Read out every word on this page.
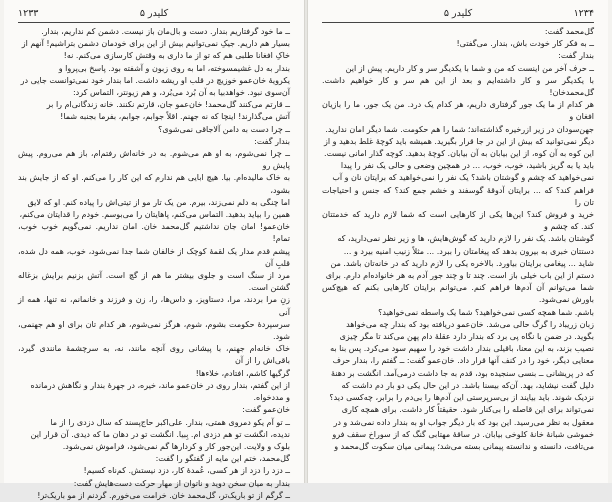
۱۲۳۳	کلیدر ۵

ــ ما خود گرفتاریم بندار. دست و بال‌مان باز نیست. دشمن کم نداریم، بندار.

بسیار هم داریم. جیکِ نمی‌توانیم بیش از این برای خودمان دشمن بتراشیم! آنهم از

خاکِ افغانا طلبی هم که تو از ما داری به وقتش کارسازی می‌کنم. نه!

بندار به دل غشیمسوخته، اما به روی زبون و آشفته بود. پاسخ بی‌پروا و

یکرویهٔ خان‌عمو خوزیچ در قلب او ریشه داشت. اما بندار خود نمی‌توانست جایی در

آن‌سوی نبود. خواهد‌بیا به آن بُرد می‌بُرد، و هم زیونتر، التماس کرد:

ــ قارتم ‌می‌کنند گل‌محمد! خان‌عمو جان، قارتم نکنند. خانه زندگانی‌ام را بر

آتش می‌گذارند! اینچا که نه جهنم. اقلاً جوابم، جوابم، بفرما بجنبه شما!

ــ چرا دست به دامن آلاجاقی نمی‌شوی؟

بندار گفت:

ــ چرا نمی‌شوم، به او هم می‌شوم. به در خانه‌اش رفتم‌ام، باز هم می‌روم. پیش پایش رو

به خاک مالیده‌ام. بیا. هیچ ابایی هم ندارم که این کار را می‌کنم. او که از جایش بند بشود،

اما چنگی به دلم نمی‌زند، بیرم. من یک تار مو از تیتی‌اش را پیاده کنم. او که لایق

همین را بیاید بدهید. التماس می‌کنم، پاهایتان را می‌بوسم. خودم را قدایتان می‌کنم،

خان‌عمو! امان جان نداشتیم گل‌محمد خان. امان نداریم. نمی‌گویم خوب خوب، تمام!

پیشم قدم مدار یک لقمهٔ کوچک از خالفان شما جدا نمی‌شود، خوب، همه دل شده، قلبِ آن

مرد از سنگ است و جلوی بیشتر ما هم از گچ است. آتش بزنیم برایش بزغاله گشتن است.

زنِ مرا بردند، مرا، دستاویز، و داس‌ها، را، زن و فرزند و خانمانم، نه تنها، همه از آنی

سرسپردهٔ حکومت بشوم، شوم، هرگز نمی‌شوم، هر کدام تان برای او هم جهنمی، شود.

خاک خانه‌ام جهنم، با پیشانی روی آنچه مانند، نه، به سرچشمهٔ مانندی گیرد، باقی‌اش را از آن

گرگیها کاشم، افتادم، خلاءها!

از این گفتم، بندار روی در خان‌عمو ماند، خیره، در جهرهٔ بندار و نگاهش درمانده

و مددخواه.

خان‌عمو گفت:

ــ تو آم یکو دمروی همتی، بندار. علی‌اکبر حاج‌پسند که سال دزدی را از ما

ندیده، انگشت تو هم دزدی ام. بِبیا. انگشت تو در دهان ما که دیدی. آن قرار این

بلوک و ولایت. این‌جور کار و کردارها گم نمی‌شود، فراموش نمی‌شود.

گل‌محمد، ختم این مایه از گفتگو را گفت:

ــ دزد را دزد از هر کسی، عُمدهٔ کار، دزد نیستش. کم‌ناه کسیم!

بندار به میان سخن دوید و ناتوان از مهار حرکت دست‌هایش گفت:

ــ گرگم از تو باریک‌تر، گل‌محمد خان. خرامت می‌خورم. گردنم از مو باریک‌تر!

۱۲۳۴
کلیدر ۵

گل‌محمد گفت:

ــ به فکر کار خودت باش، بندار. می‌گفتی!

بندار گفت:

ــ حرف آخر من اینست که من و شما با یکدیگر سر و کار داریم. پیش از این

با یکدیگر سر و کار داشته‌ایم و بعد از این هم سر و کار خواهیم داشت. گل‌محمدخان!

هر کدام از ما یک جور گرفتاری داریم، هر کدام یک درد. من یک جور، ما را بازیان افغان و

جهن‌سودان در زیر ازرخیره گذاشته‌اند؛ شما را هم حکومت. شما دیگر امان ندارید.

دیگر نمی‌توانید که بیش از این در جا قرار بگیرید. همیشه باید کوچهٔ غلط بدهید و از

این کوه به آن کوه، از این بیابان به آن بیابان. کوچهٔ بدهید. کوچه گذار امانی نیست.

باید یا به گریز باشید، خوب، خوب، ... در همچین وضعی و حالی یک نفر را پیدا

نمی‌خواهید که چشم و گوشتان باشد؟ یک نفر را نمی‌خواهید که برایتان نان و آب

فراهم کند؟ که ... برایتان آدوقهٔ گوسفند و خشم جمع کند؟ که جنس و احتیاجات تان را

خرید و فروش کند؟ این‌ها یکی از کارهایی است که شما لازم دارید که خدمتتان کند. که چشم و

گوشتان باشد. یک نفر را لازم دارید که گوش‌هایش، ها و زیر نظر نمی‌دارید، که

دستتان خبری به بیرون بدهد که پیغامتان را ببرد. ... مثلاً زنیب امنیه بیرد و ...

شاید ... پیغامی برایتان بیاورد. بالاخره یکی را لازم دارید که در خانه‌تان باشد. من

دستم از این باب خیلی باز است. چند تا و چند جور آدم به هر خانواده‌ام دارم. برای

شما می‌توانم آن آدم‌ها فراهم کنم. می‌توانم برایتان کارهایی بکنم که هیچ‌کس باورش نمی‌شود.

باشم. شما همچه کسی نمی‌خواهید؟ شما یک واسطه نمی‌خواهید؟

زبان زریباد را گرگ حالی می‌شد. خان‌عمو دریافته بود که بندار چه می‌خواهد

بگوید. در ضمن با نگاه پی برد که بندار دارد عقلهٔ دام پهن می‌کند تا مگر چیزی

نصیب بزند، به این معنا، باقیلی بندار داشت خود را سهیم سود می‌کرد. پس بنا به

معنایی دیگر، خود را در کنف آنها قرار داد. خان‌عمو گفت: ــ گفتم را، بندار حرف

که در پریشانی ــ بنسی سنجیده بود، قدم به جا داشت درمی‌آمد. انگشت بر دهنهٔ

دلیل گفت نیشاید، بهد. آن‌که بیسنا باشد. در این حال یکی دو بار دم داشت که

نزدیک شوند. باید بیایند از بی‌سرپرستی این آدم‌ها را بی‌دم را برابر، چه‌کسی دید؟

نمی‌تواند برای این قاصله را بی‌کنار شود. حقیقتاً کار داشت. برای همچه کاری

معقول به نظر می‌رسید. این بود که بار دیگر جواب او به بندار داده نمی‌شد و در

خموشی شبانهٔ خانهٔ کلوخی بیابان. در ساقهٔ مهتابی گنگ که از سوراخ سقف فرو

می‌تافت، دانسته و ندانسته پیمانی بسته می‌شد؛ پیمانی میان سکوت گل‌محمد و
